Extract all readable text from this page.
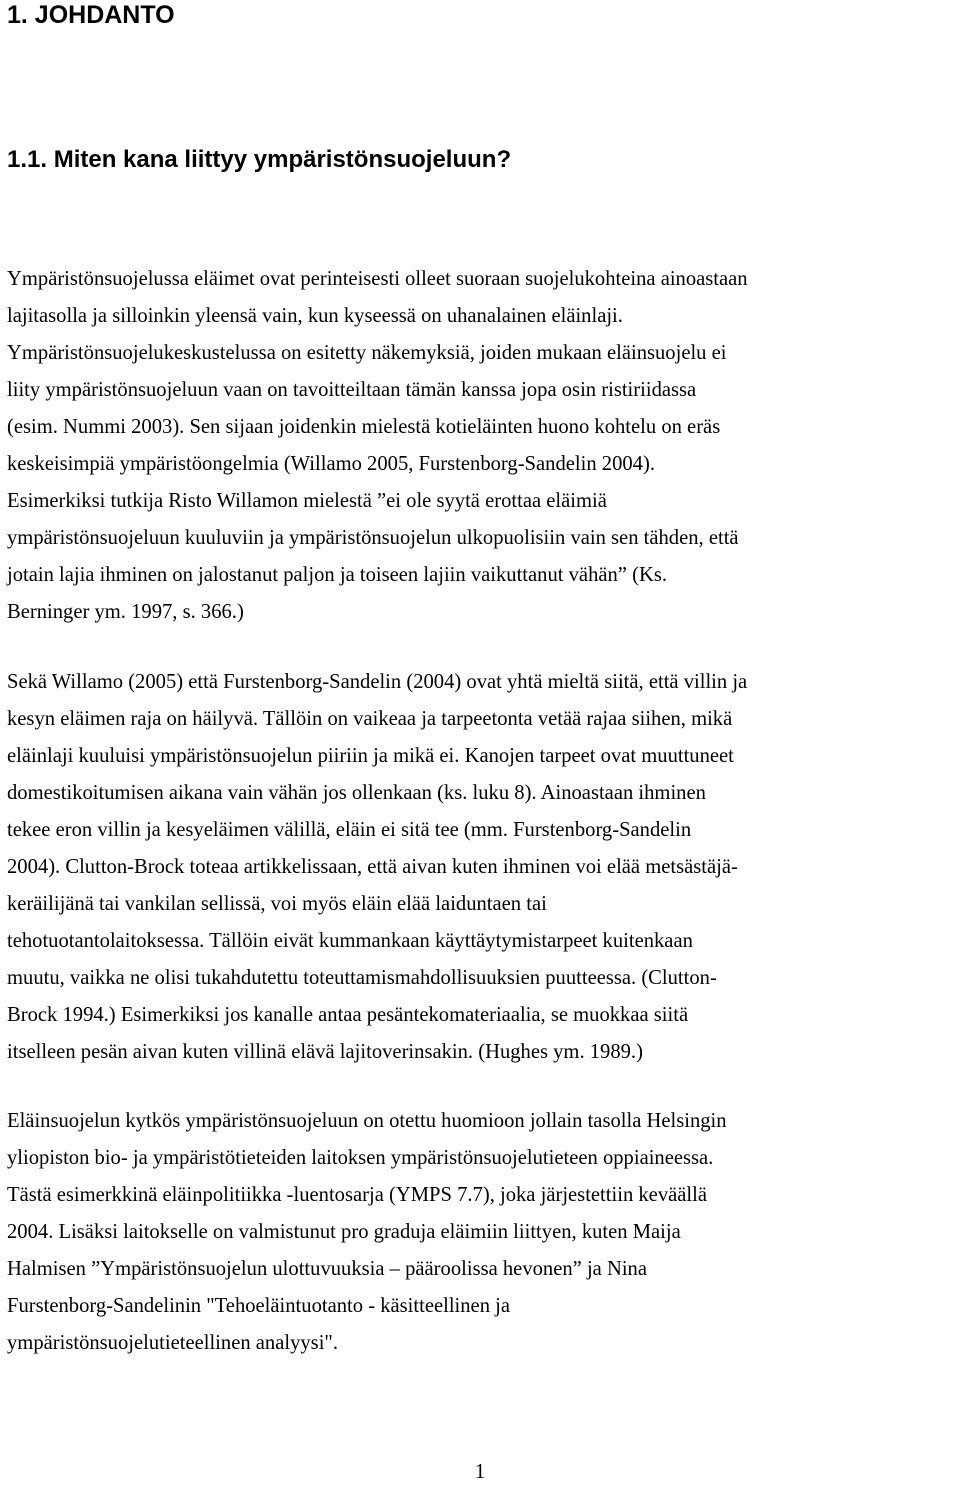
1. JOHDANTO
1.1. Miten kana liittyy ympäristönsuojeluun?

Ympäristönsuojelussa eläimet ovat perinteisesti olleet suoraan suojelukohteina ainoastaan
lajitasolla ja silloinkin yleensä vain, kun kyseessä on uhanalainen eläinlaji.
Ympäristönsuojelukeskustelussa on esitetty näkemyksiä, joiden mukaan eläinsuojelu ei
liity ympäristönsuojeluun vaan on tavoitteiltaan tämän kanssa jopa osin ristiriidassa
(esim. Nummi 2003). Sen sijaan joidenkin mielestä kotieläinten huono kohtelu on eräs
keskeisimpiä ympäristöongelmia (Willamo 2005, Furstenborg-Sandelin 2004).
Esimerkiksi tutkija Risto Willamon mielestä ”ei ole syytä erottaa eläimiä
ympäristönsuojeluun kuuluviin ja ympäristönsuojelun ulkopuolisiin vain sen tähden, että
jotain lajia ihminen on jalostanut paljon ja toiseen lajiin vaikuttanut vähän” (Ks.
Berninger ym. 1997, s. 366.)

Sekä Willamo (2005) että Furstenborg-Sandelin (2004) ovat yhtä mieltä siitä, että villin ja
kesyn eläimen raja on häilyvä. Tällöin on vaikeaa ja tarpeetonta vetää rajaa siihen, mikä
eläinlaji kuuluisi ympäristönsuojelun piiriin ja mikä ei. Kanojen tarpeet ovat muuttuneet
domestikoitumisen aikana vain vähän jos ollenkaan (ks. luku 8). Ainoastaan ihminen
tekee eron villin ja kesyeläimen välillä, eläin ei sitä tee (mm. Furstenborg-Sandelin
2004). Clutton-Brock toteaa artikkelissaan, että aivan kuten ihminen voi elää metsästäjä-
keräilijänä tai vankilan sellissä, voi myös eläin elää laiduntaen tai
tehotuotantolaitoksessa. Tällöin eivät kummankaan käyttäytymistarpeet kuitenkaan
muutu, vaikka ne olisi tukahdutettu toteuttamismahdollisuuksien puutteessa. (Clutton-
Brock 1994.) Esimerkiksi jos kanalle antaa pesäntekomateriaalia, se muokkaa siitä
itselleen pesän aivan kuten villinä elävä lajitoverinsakin. (Hughes ym. 1989.)

Eläinsuojelun kytkös ympäristönsuojeluun on otettu huomioon jollain tasolla Helsingin
yliopiston bio- ja ympäristötieteiden laitoksen ympäristönsuojelutieteen oppiaineessa.
Tästä esimerkkinä eläinpolitiikka -luentosarja (YMPS 7.7), joka järjestettiin keväällä
2004. Lisäksi laitokselle on valmistunut pro graduja eläimiin liittyen, kuten Maija
Halmisen ”Ympäristönsuojelun ulottuvuuksia – pääroolissa hevonen” ja Nina
Furstenborg-Sandelinin "Tehoeläintuotanto - käsitteellinen ja
ympäristönsuojelutieteellinen analyysi".

1
